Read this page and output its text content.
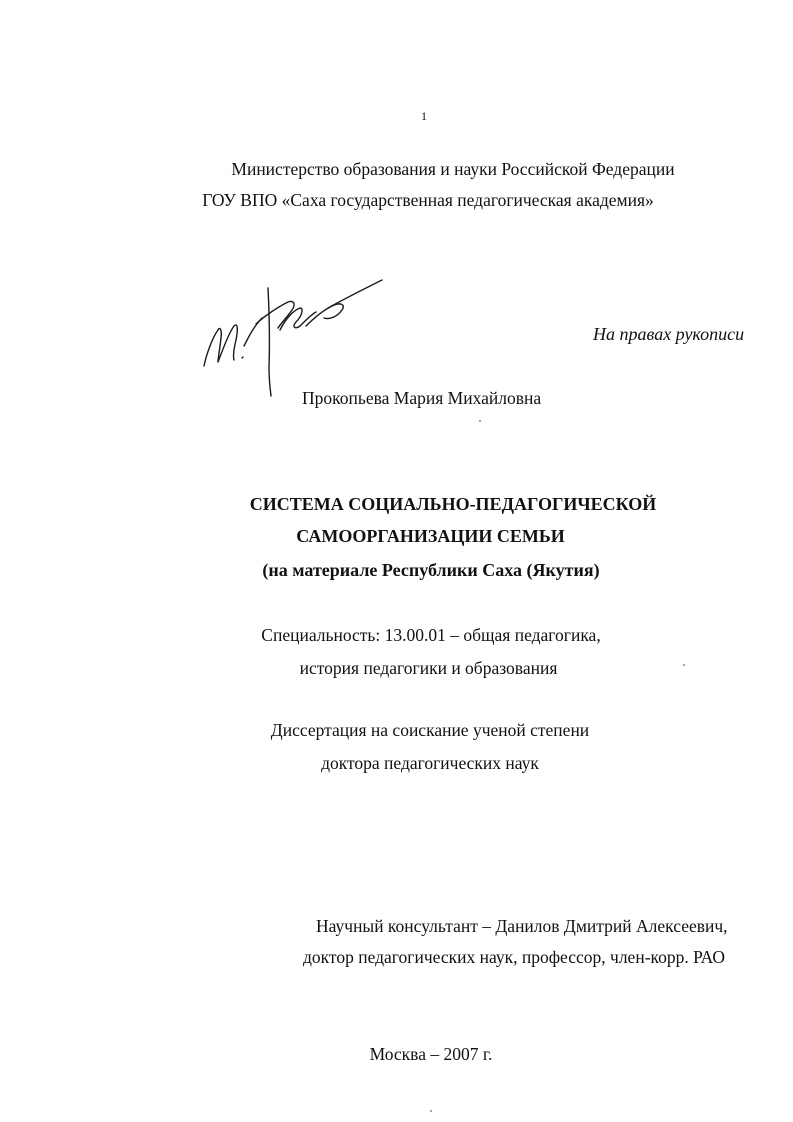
1

Министерство образования и науки Российской Федерации

ГОУ ВПО «Саха государственная педагогическая академия»

На правах рукописи

Прокопьева Мария Михайловна

СИСТЕМА СОЦИАЛЬНО-ПЕДАГОГИЧЕСКОЙ

САМООРГАНИЗАЦИИ СЕМЬИ

(на материале Республики Саха (Якутия)

Специальность: 13.00.01 – общая педагогика,

история педагогики и образования

Диссертация на соискание ученой степени

доктора педагогических наук

Научный консультант – Данилов Дмитрий Алексеевич,

доктор педагогических наук, профессор, член-корр. РАО

Москва – 2007 г.
